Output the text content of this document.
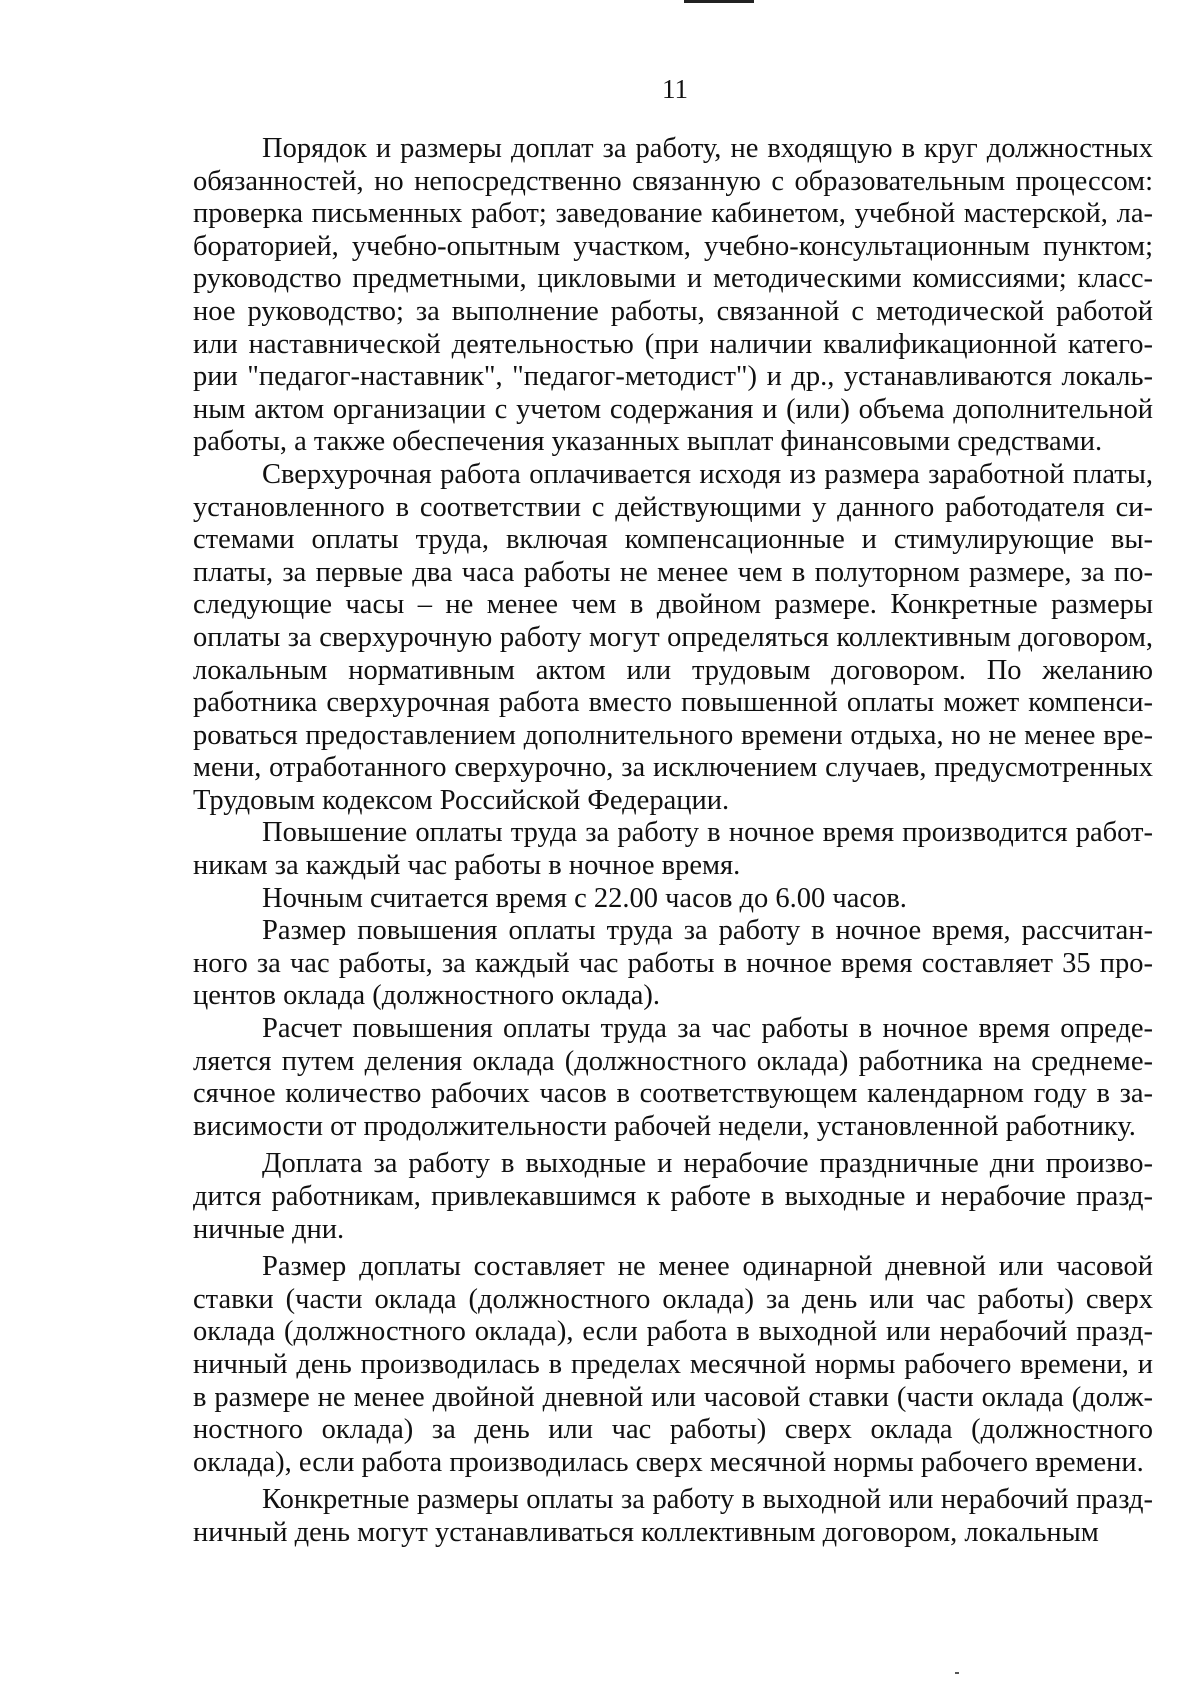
11

Порядок и размеры доплат за работу, не входящую в круг должностных обязанностей, но непосредственно связанную с образовательным процессом: проверка письменных работ; заведование кабинетом, учебной мастерской, лабораторией, учебно-опытным участком, учебно-консультационным пунктом; руководство предметными, цикловыми и методическими комиссиями; классное руководство; за выполнение работы, связанной с методической работой или наставнической деятельностью (при наличии квалификационной категории "педагог-наставник", "педагог-методист") и др., устанавливаются локальным актом организации с учетом содержания и (или) объема дополнительной работы, а также обеспечения указанных выплат финансовыми средствами.

Сверхурочная работа оплачивается исходя из размера заработной платы, установленного в соответствии с действующими у данного работодателя системами оплаты труда, включая компенсационные и стимулирующие выплаты, за первые два часа работы не менее чем в полуторном размере, за последующие часы – не менее чем в двойном размере. Конкретные размеры оплаты за сверхурочную работу могут определяться коллективным договором, локальным нормативным актом или трудовым договором. По желанию работника сверхурочная работа вместо повышенной оплаты может компенсироваться предоставлением дополнительного времени отдыха, но не менее времени, отработанного сверхурочно, за исключением случаев, предусмотренных Трудовым кодексом Российской Федерации.

Повышение оплаты труда за работу в ночное время производится работникам за каждый час работы в ночное время.

Ночным считается время с 22.00 часов до 6.00 часов.

Размер повышения оплаты труда за работу в ночное время, рассчитанного за час работы, за каждый час работы в ночное время составляет 35 процентов оклада (должностного оклада).

Расчет повышения оплаты труда за час работы в ночное время определяется путем деления оклада (должностного оклада) работника на среднемесячное количество рабочих часов в соответствующем календарном году в зависимости от продолжительности рабочей недели, установленной работнику.

Доплата за работу в выходные и нерабочие праздничные дни производится работникам, привлекавшимся к работе в выходные и нерабочие праздничные дни.

Размер доплаты составляет не менее одинарной дневной или часовой ставки (части оклада (должностного оклада) за день или час работы) сверх оклада (должностного оклада), если работа в выходной или нерабочий праздничный день производилась в пределах месячной нормы рабочего времени, и в размере не менее двойной дневной или часовой ставки (части оклада (должностного оклада) за день или час работы) сверх оклада (должностного оклада), если работа производилась сверх месячной нормы рабочего времени.

Конкретные размеры оплаты за работу в выходной или нерабочий праздничный день могут устанавливаться коллективным договором, локальным
